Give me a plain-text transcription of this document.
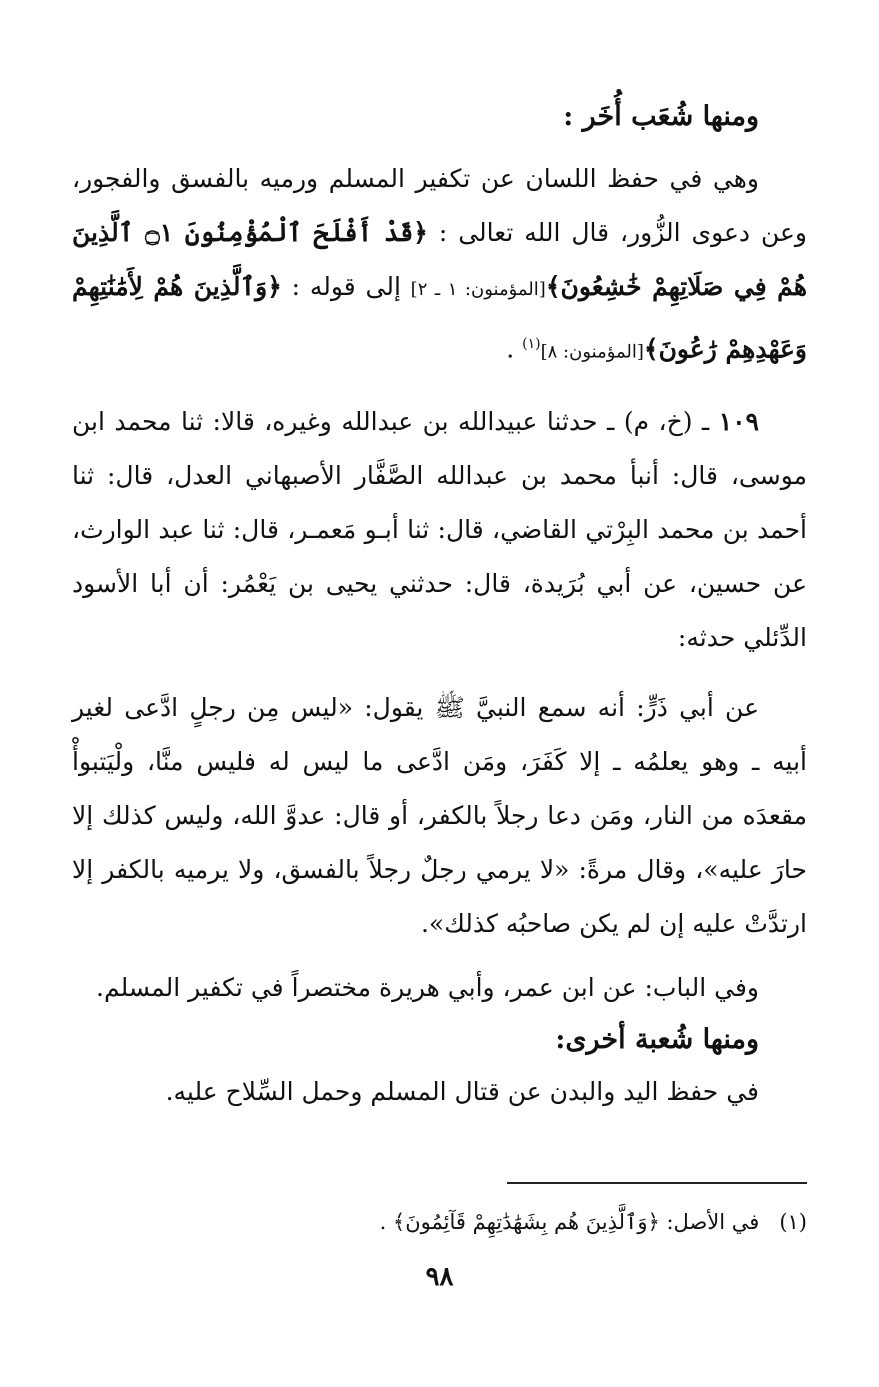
ومنها شُعَب أُخَر :

وهي في حفظ اللسان عن تكفير المسلم ورميه بالفسق والفجور، وعن دعوى الزُّور، قال الله تعالى : ﴿قَدْ أَفْلَحَ ٱلْمُؤْمِنُونَ ۝١ ٱلَّذِينَ هُمْ فِي صَلَاتِهِمْ خَٰشِعُونَ﴾[المؤمنون: ١ ـ ٢] إلى قوله : ﴿وَٱلَّذِينَ هُمْ لِأَمَٰنَٰتِهِمْ وَعَهْدِهِمْ رَٰعُونَ﴾[المؤمنون: ٨]$^{(١)}$ .

١٠٩ ـ (خ، م) ـ حدثنا عبيدالله بن عبدالله وغيره، قالا: ثنا محمد ابن موسى، قال: أنبأ محمد بن عبدالله الصَّفَّار الأصبهاني العدل، قال: ثنا أحمد بن محمد البِرْتي القاضي، قال: ثنا أبـو مَعمـر، قال: ثنا عبد الوارث، عن حسين، عن أبي بُرَيدة، قال: حدثني يحيى بن يَعْمُر: أن أبا الأسود الدِّئلي حدثه:

عن أبي ذَرٍّ: أنه سمع النبيَّ ﷺ يقول: «ليس مِن رجلٍ ادَّعى لغير أبيه ـ وهو يعلمُه ـ إلا كَفَرَ، ومَن ادَّعى ما ليس له فليس منَّا، ولْيَتبوأْ مقعدَه من النار، ومَن دعا رجلاً بالكفر، أو قال: عدوَّ الله، وليس كذلك إلا حارَ عليه»، وقال مرةً: «لا يرمي رجلٌ رجلاً بالفسق، ولا يرميه بالكفر إلا ارتدَّتْ عليه إن لم يكن صاحبُه كذلك».

وفي الباب: عن ابن عمر، وأبي هريرة مختصراً في تكفير المسلم.

ومنها شُعبة أخرى:

في حفظ اليد والبدن عن قتال المسلم وحمل السِّلاح عليه.

(١)في الأصل: ﴿وَٱلَّذِينَ هُم بِشَهَٰدَٰتِهِمْ قَآئِمُونَ﴾ .
٩٨
